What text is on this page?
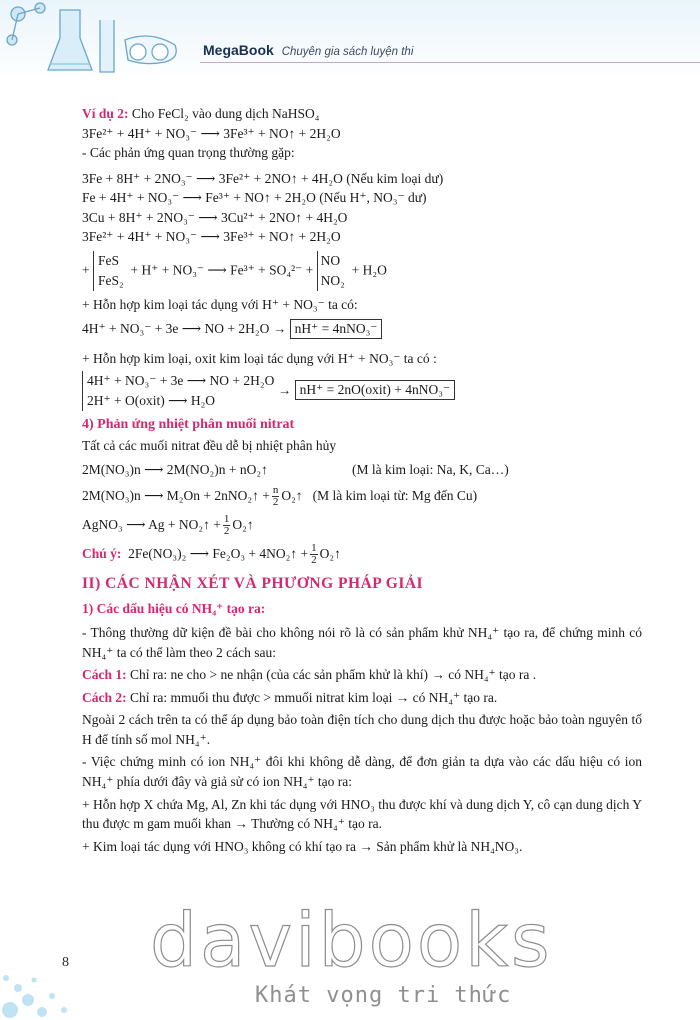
MegaBook Chuyên gia sách luyện thi

Ví dụ 2: Cho FeCl₂ vào dung dịch NaHSO₄

3Fe²⁺ + 4H⁺ + NO₃⁻ ⟶ 3Fe³⁺ + NO↑ + 2H₂O

- Các phản ứng quan trọng thường gặp:

3Fe + 8H⁺ + 2NO₃⁻ ⟶ 3Fe²⁺ + 2NO↑ + 4H₂O (Nếu kim loại dư)

Fe + 4H⁺ + NO₃⁻ ⟶ Fe³⁺ + NO↑ + 2H₂O (Nếu H⁺, NO₃⁻ dư)

3Cu + 8H⁺ + 2NO₃⁻ ⟶ 3Cu²⁺ + 2NO↑ + 4H₂O

3Fe²⁺ + 4H⁺ + NO₃⁻ ⟶ 3Fe³⁺ + NO↑ + 2H₂O

+ FeS
FeS₂  + H⁺ + NO₃⁻ ⟶ Fe³⁺ + SO₄²⁻ + NO
NO₂  + H₂O

+ Hỗn hợp kim loại tác dụng với H⁺ + NO₃⁻ ta có:

4H⁺ + NO₃⁻ + 3e ⟶ NO + 2H₂O → nH⁺ = 4nNO₃⁻

+ Hỗn hợp kim loại, oxit kim loại tác dụng với H⁺ + NO₃⁻ ta có :

4H⁺ + NO₃⁻ + 3e ⟶ NO + 2H₂O
2H⁺ + O(oxit) ⟶ H₂O → nH⁺ = 2nO(oxit) + 4nNO₃⁻

4) Phản ứng nhiệt phân muối nitrat

Tất cả các muối nitrat đều dễ bị nhiệt phân hủy

2M(NO₃)n ⟶ 2M(NO₂)n + nO₂↑	(M là kim loại: Na, K, Ca…)

2M(NO₃)n ⟶ M₂On + 2nNO₂↑ + $\frac{n}{2}$ O₂↑ (M là kim loại từ: Mg đến Cu)

AgNO₃ ⟶ Ag + NO₂↑ + $\frac{1}{2}$ O₂↑

Chú ý: 2Fe(NO₃)₂ ⟶ Fe₂O₃ + 4NO₂↑ + $\frac{1}{2}$ O₂↑

II) CÁC NHẬN XÉT VÀ PHƯƠNG PHÁP GIẢI

1) Các dấu hiệu có NH₄⁺ tạo ra:

- Thông thường dữ kiện đề bài cho không nói rõ là có sản phẩm khử NH₄⁺ tạo ra, để chứng minh có NH₄⁺ ta có thể làm theo 2 cách sau:

Cách 1: Chỉ ra: ne cho > ne nhận (của các sản phẩm khử là khí) → có NH₄⁺ tạo ra .

Cách 2: Chỉ ra: mmuối thu được > mmuối nitrat kim loại → có NH₄⁺ tạo ra.

Ngoài 2 cách trên ta có thể áp dụng bảo toàn điện tích cho dung dịch thu được hoặc bảo toàn nguyên tố H để tính số mol NH₄⁺.

- Việc chứng minh có ion NH₄⁺ đôi khi không dễ dàng, để đơn giản ta dựa vào các dấu hiệu có ion NH₄⁺ phía dưới đây và giả sử có ion NH₄⁺ tạo ra:

+ Hỗn hợp X chứa Mg, Al, Zn khi tác dụng với HNO₃ thu được khí và dung dịch Y, cô cạn dung dịch Y thu được m gam muối khan → Thường có NH₄⁺ tạo ra.

+ Kim loại tác dụng với HNO₃ không có khí tạo ra → Sản phẩm khử là NH₄NO₃.

8 davibooks
Khát vọng tri thức
